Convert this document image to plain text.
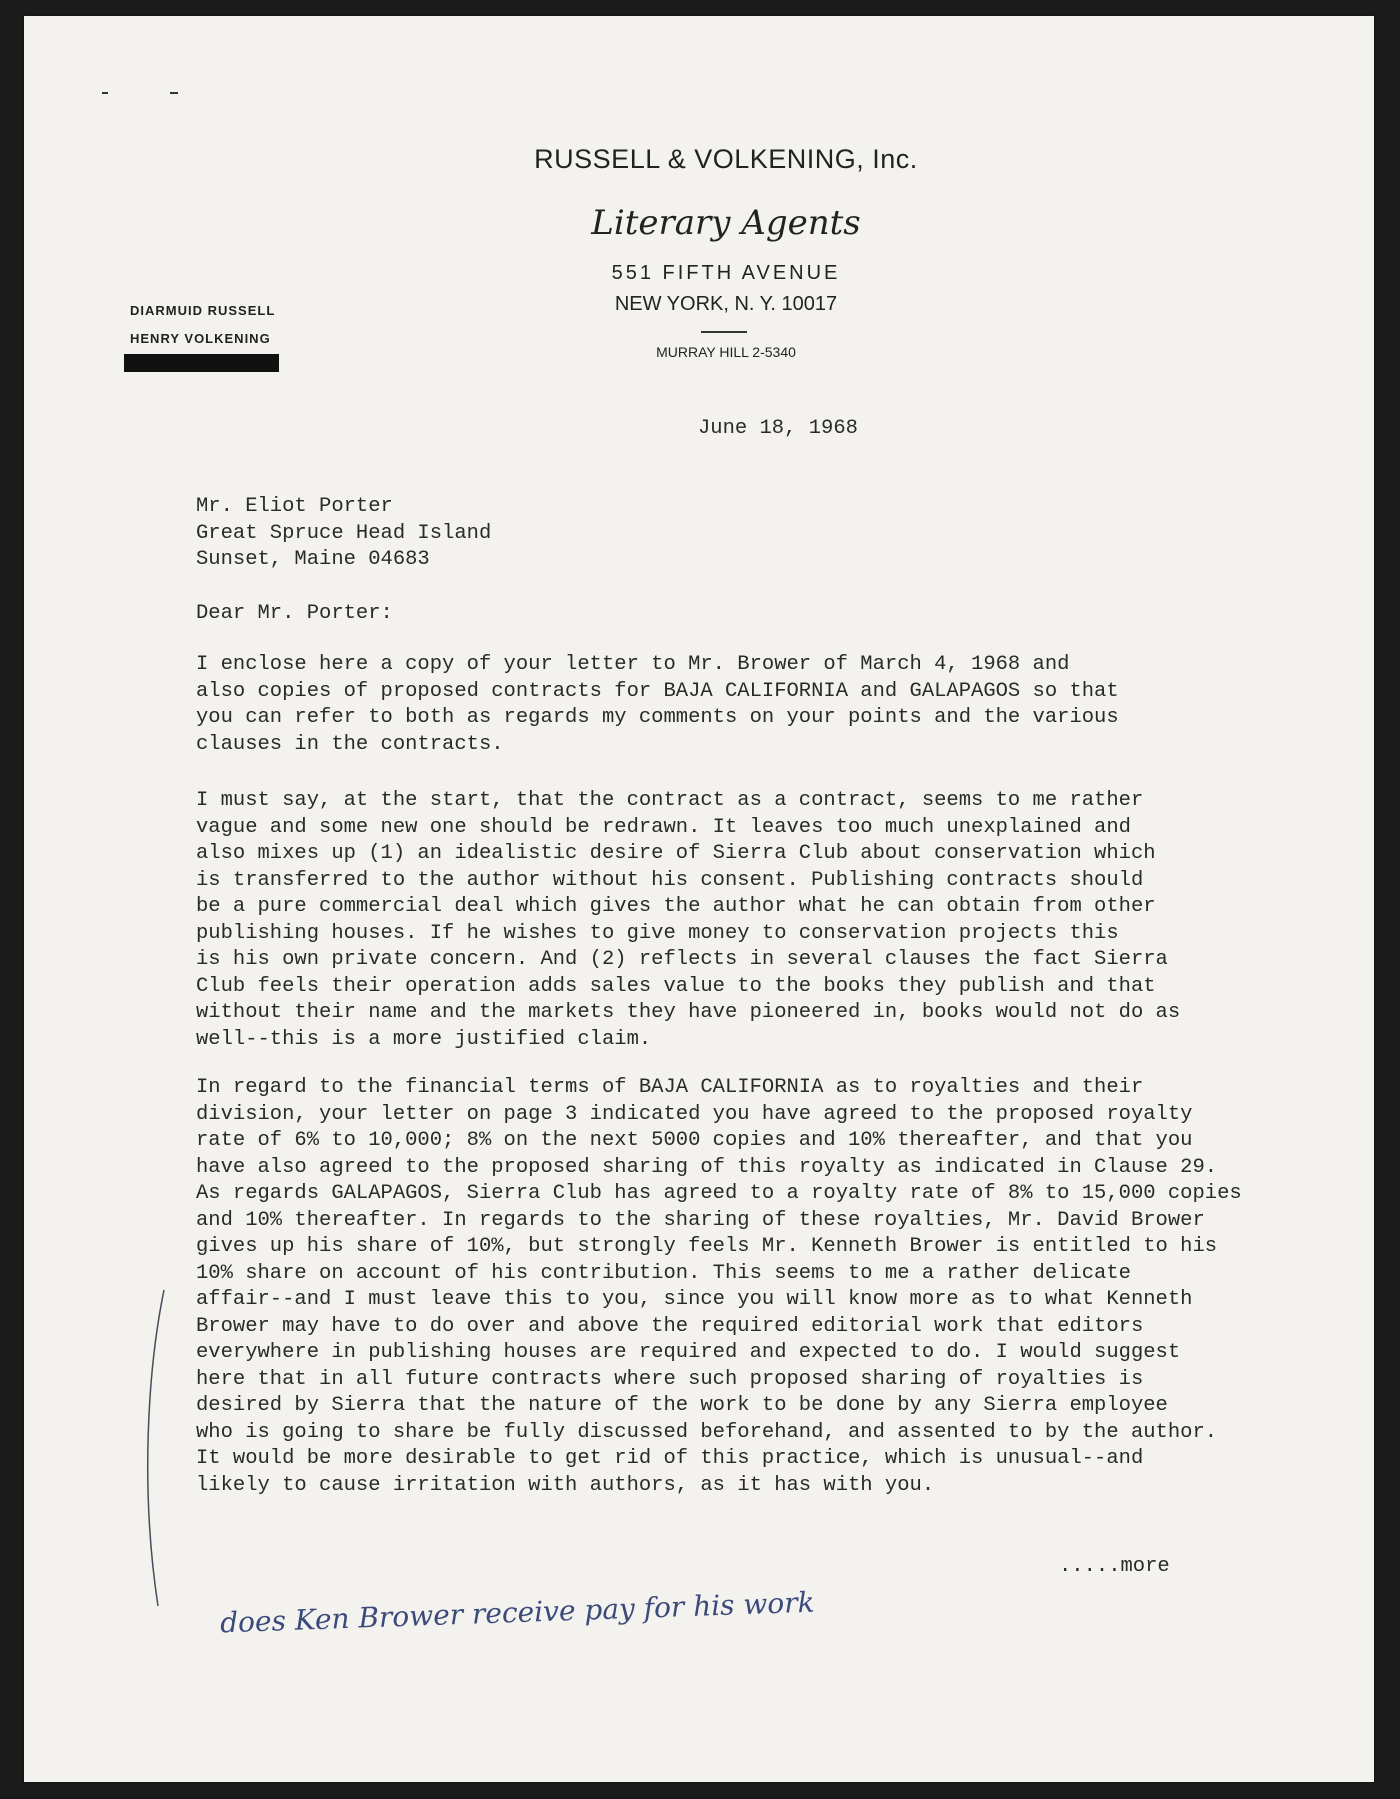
RUSSELL & VOLKENING, Inc.
Literary Agents
551 FIFTH AVENUE
NEW YORK, N. Y. 10017
MURRAY HILL 2-5340
DIARMUID RUSSELL
HENRY VOLKENING
June 18, 1968
Mr. Eliot Porter
Great Spruce Head Island
Sunset, Maine 04683
Dear Mr. Porter:
I enclose here a copy of your letter to Mr. Brower of March 4, 1968 and
also copies of proposed contracts for BAJA CALIFORNIA and GALAPAGOS so that
you can refer to both as regards my comments on your points and the various
clauses in the contracts.
I must say, at the start, that the contract as a contract, seems to me rather
vague and some new one should be redrawn. It leaves too much unexplained and
also mixes up (1) an idealistic desire of Sierra Club about conservation which
is transferred to the author without his consent. Publishing contracts should
be a pure commercial deal which gives the author what he can obtain from other
publishing houses. If he wishes to give money to conservation projects this
is his own private concern. And (2) reflects in several clauses the fact Sierra
Club feels their operation adds sales value to the books they publish and that
without their name and the markets they have pioneered in, books would not do as
well--this is a more justified claim.
In regard to the financial terms of BAJA CALIFORNIA as to royalties and their
division, your letter on page 3 indicated you have agreed to the proposed royalty
rate of 6% to 10,000; 8% on the next 5000 copies and 10% thereafter, and that you
have also agreed to the proposed sharing of this royalty as indicated in Clause 29.
As regards GALAPAGOS, Sierra Club has agreed to a royalty rate of 8% to 15,000 copies
and 10% thereafter. In regards to the sharing of these royalties, Mr. David Brower
gives up his share of 10%, but strongly feels Mr. Kenneth Brower is entitled to his
10% share on account of his contribution. This seems to me a rather delicate
affair--and I must leave this to you, since you will know more as to what Kenneth
Brower may have to do over and above the required editorial work that editors
everywhere in publishing houses are required and expected to do. I would suggest
here that in all future contracts where such proposed sharing of royalties is
desired by Sierra that the nature of the work to be done by any Sierra employee
who is going to share be fully discussed beforehand, and assented to by the author.
It would be more desirable to get rid of this practice, which is unusual--and
likely to cause irritation with authors, as it has with you.
.....more
does Ken Brower receive pay for his work
